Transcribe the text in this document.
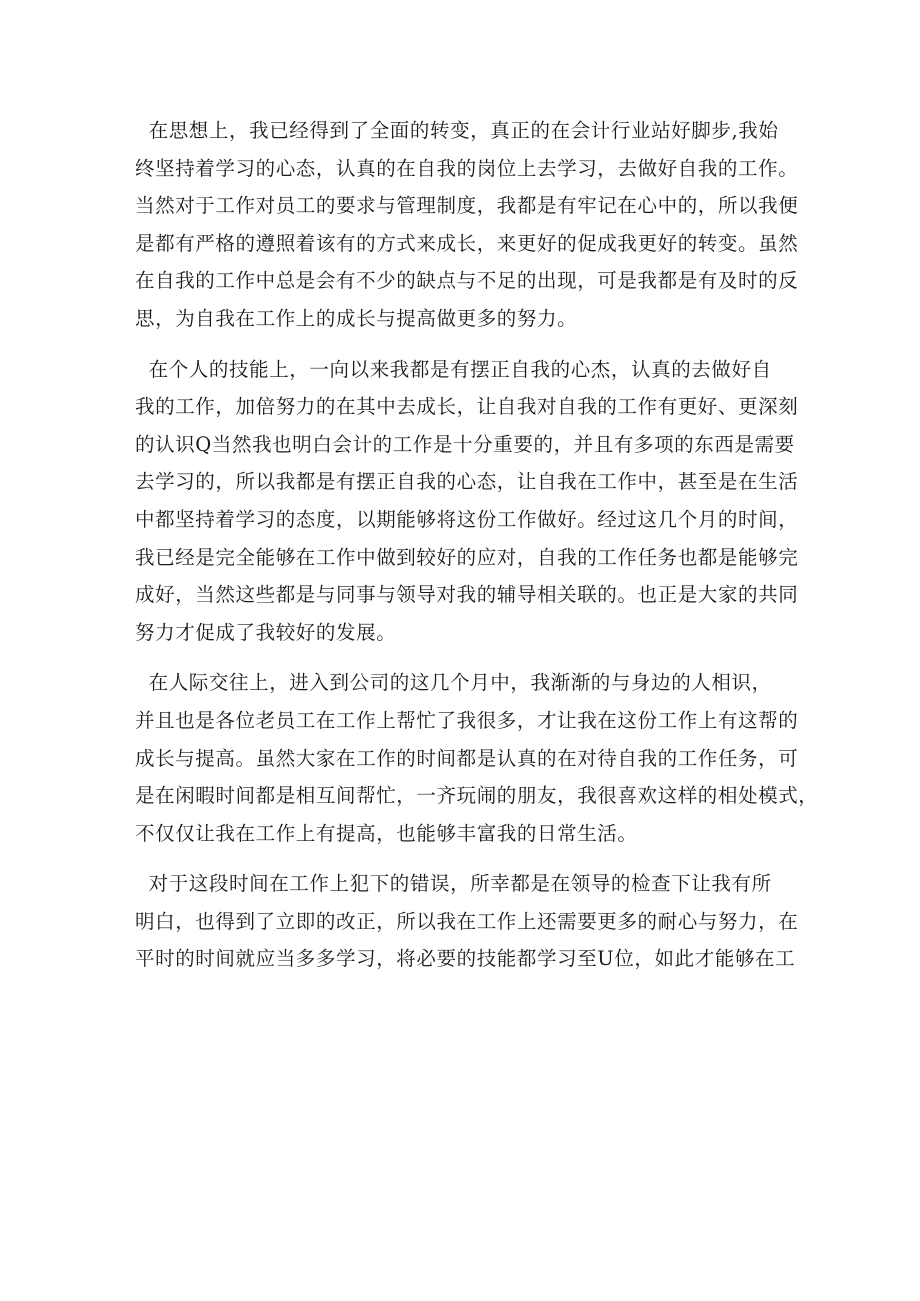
在思想上，我已经得到了全面的转变，真正的在会计行业站好脚步,我始
终坚持着学习的心态，认真的在自我的岗位上去学习，去做好自我的工作。
当然对于工作对员工的要求与管理制度，我都是有牢记在心中的，所以我便
是都有严格的遵照着该有的方式来成长，来更好的促成我更好的转变。虽然
在自我的工作中总是会有不少的缺点与不足的出现，可是我都是有及时的反
思，为自我在工作上的成长与提高做更多的努力。
在个人的技能上，一向以来我都是有摆正自我的心杰，认真的去做好自
我的工作，加倍努力的在其中去成长，让自我对自我的工作有更好、更深刻
的认识Q当然我也明白会计的工作是十分重要的，并且有多项的东西是需要
去学习的，所以我都是有摆正自我的心态，让自我在工作中，甚至是在生活
中都坚持着学习的态度，以期能够将这份工作做好。经过这几个月的时间，
我已经是完全能够在工作中做到较好的应对，自我的工作任务也都是能够完
成好，当然这些都是与同事与领导对我的辅导相关联的。也正是大家的共同
努力才促成了我较好的发展。
在人际交往上，进入到公司的这几个月中，我渐渐的与身边的人相识，
并且也是各位老员工在工作上帮忙了我很多，才让我在这份工作上有这帮的
成长与提高。虽然大家在工作的时间都是认真的在对待自我的工作任务，可
是在闲暇时间都是相互间帮忙，一齐玩闹的朋友，我很喜欢这样的相处模式，
不仅仅让我在工作上有提高，也能够丰富我的日常生活。
对于这段时间在工作上犯下的错误，所幸都是在领导的检查下让我有所
明白，也得到了立即的改正，所以我在工作上还需要更多的耐心与努力，在
平时的时间就应当多多学习，将必要的技能都学习至U位，如此才能够在工
